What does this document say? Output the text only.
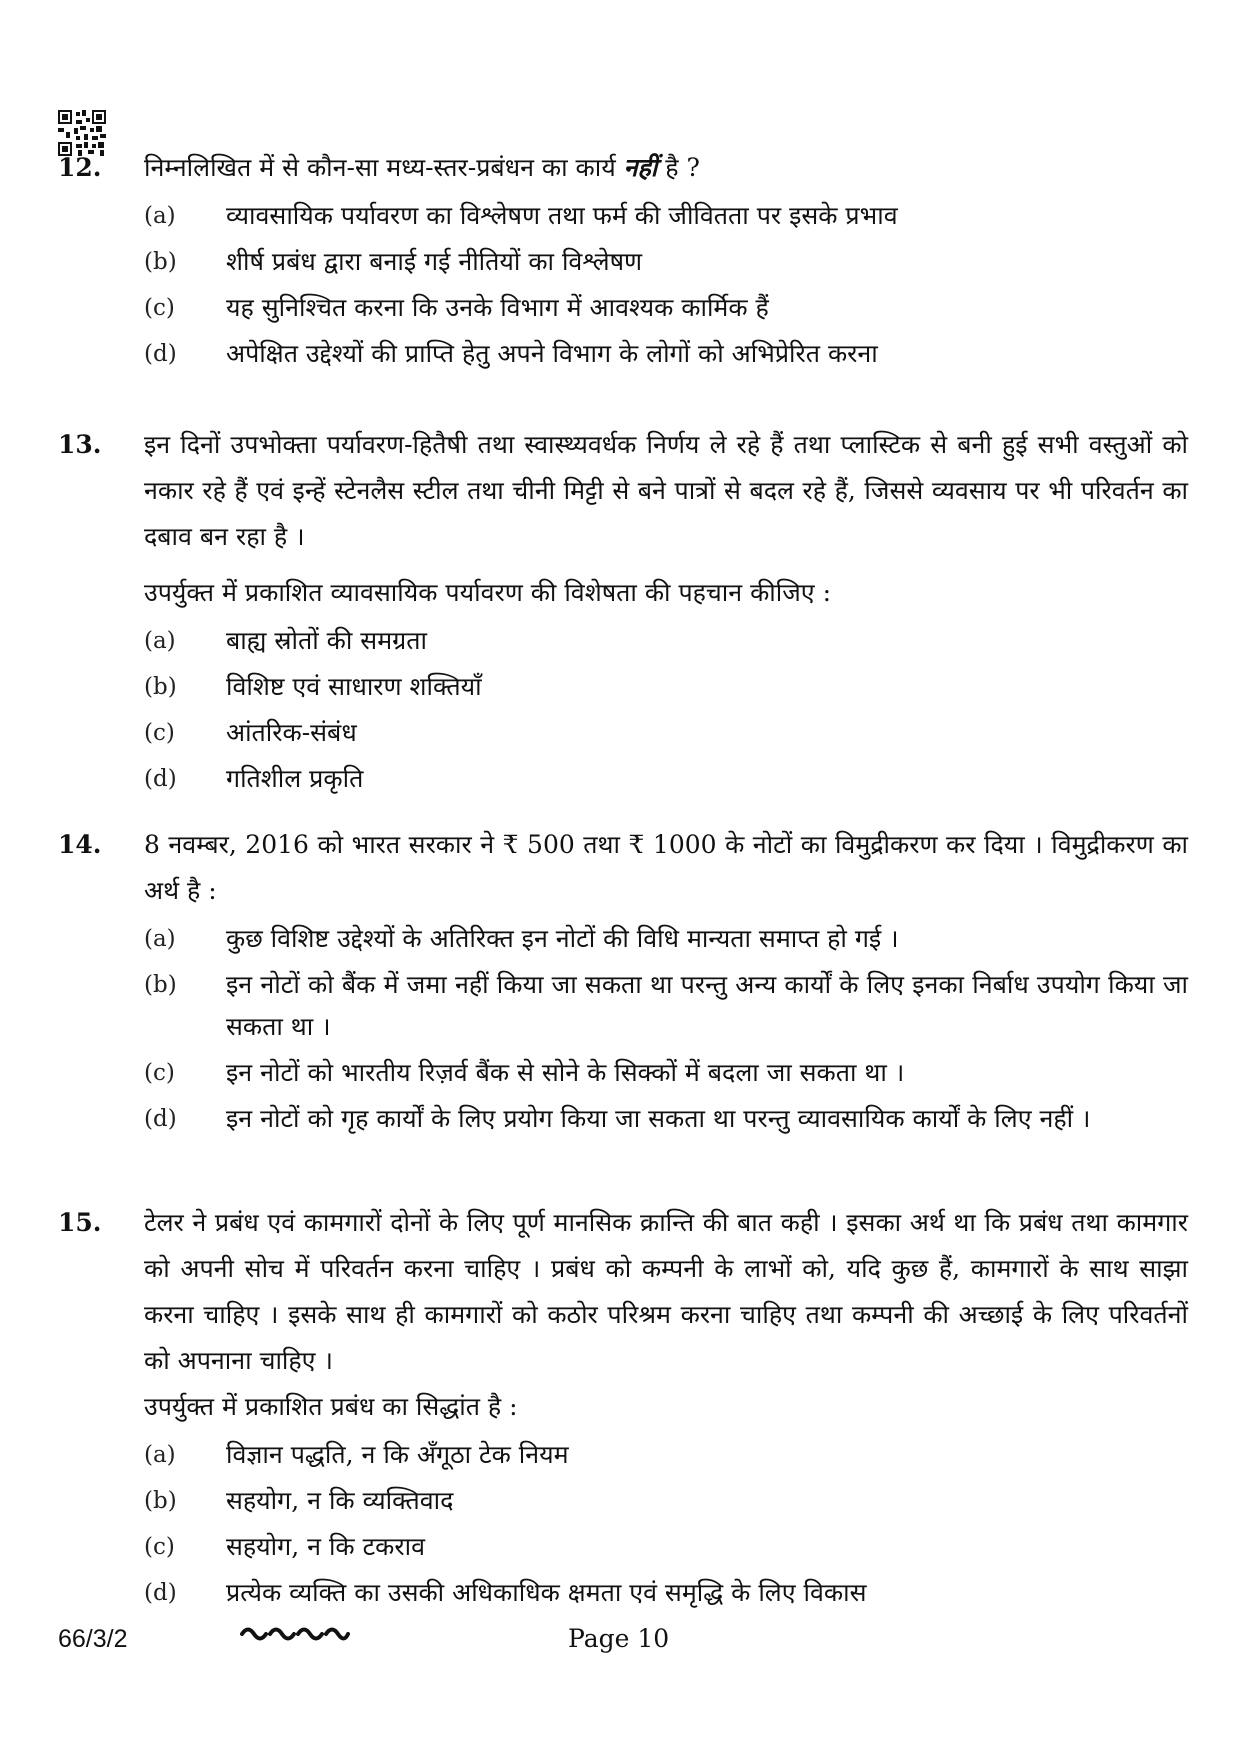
12. निम्नलिखित में से कौन-सा मध्य-स्तर-प्रबंधन का कार्य नहीं है ?
(a) व्यावसायिक पर्यावरण का विश्लेषण तथा फर्म की जीवितता पर इसके प्रभाव
(b) शीर्ष प्रबंध द्वारा बनाई गई नीतियों का विश्लेषण
(c) यह सुनिश्चित करना कि उनके विभाग में आवश्यक कार्मिक हैं
(d) अपेक्षित उद्देश्यों की प्राप्ति हेतु अपने विभाग के लोगों को अभिप्रेरित करना
13. इन दिनों उपभोक्ता पर्यावरण-हितैषी तथा स्वास्थ्यवर्धक निर्णय ले रहे हैं तथा प्लास्टिक से बनी हुई सभी वस्तुओं को नकार रहे हैं एवं इन्हें स्टेनलैस स्टील तथा चीनी मिट्टी से बने पात्रों से बदल रहे हैं, जिससे व्यवसाय पर भी परिवर्तन का दबाव बन रहा है ।
उपर्युक्त में प्रकाशित व्यावसायिक पर्यावरण की विशेषता की पहचान कीजिए :
(a) बाह्य स्रोतों की समग्रता
(b) विशिष्ट एवं साधारण शक्तियाँ
(c) आंतरिक-संबंध
(d) गतिशील प्रकृति
14. 8 नवम्बर, 2016 को भारत सरकार ने ₹ 500 तथा ₹ 1000 के नोटों का विमुद्रीकरण कर दिया । विमुद्रीकरण का अर्थ है :
(a) कुछ विशिष्ट उद्देश्यों के अतिरिक्त इन नोटों की विधि मान्यता समाप्त हो गई ।
(b) इन नोटों को बैंक में जमा नहीं किया जा सकता था परन्तु अन्य कार्यों के लिए इनका निर्बाध उपयोग किया जा सकता था ।
(c) इन नोटों को भारतीय रिज़र्व बैंक से सोने के सिक्कों में बदला जा सकता था ।
(d) इन नोटों को गृह कार्यों के लिए प्रयोग किया जा सकता था परन्तु व्यावसायिक कार्यों के लिए नहीं ।
15. टेलर ने प्रबंध एवं कामगारों दोनों के लिए पूर्ण मानसिक क्रान्ति की बात कही । इसका अर्थ था कि प्रबंध तथा कामगार को अपनी सोच में परिवर्तन करना चाहिए । प्रबंध को कम्पनी के लाभों को, यदि कुछ हैं, कामगारों के साथ साझा करना चाहिए । इसके साथ ही कामगारों को कठोर परिश्रम करना चाहिए तथा कम्पनी की अच्छाई के लिए परिवर्तनों को अपनाना चाहिए ।
उपर्युक्त में प्रकाशित प्रबंध का सिद्धांत है :
(a) विज्ञान पद्धति, न कि अँगूठा टेक नियम
(b) सहयोग, न कि व्यक्तिवाद
(c) सहयोग, न कि टकराव
(d) प्रत्येक व्यक्ति का उसकी अधिकाधिक क्षमता एवं समृद्धि के लिए विकास
66/3/2	Page 10
